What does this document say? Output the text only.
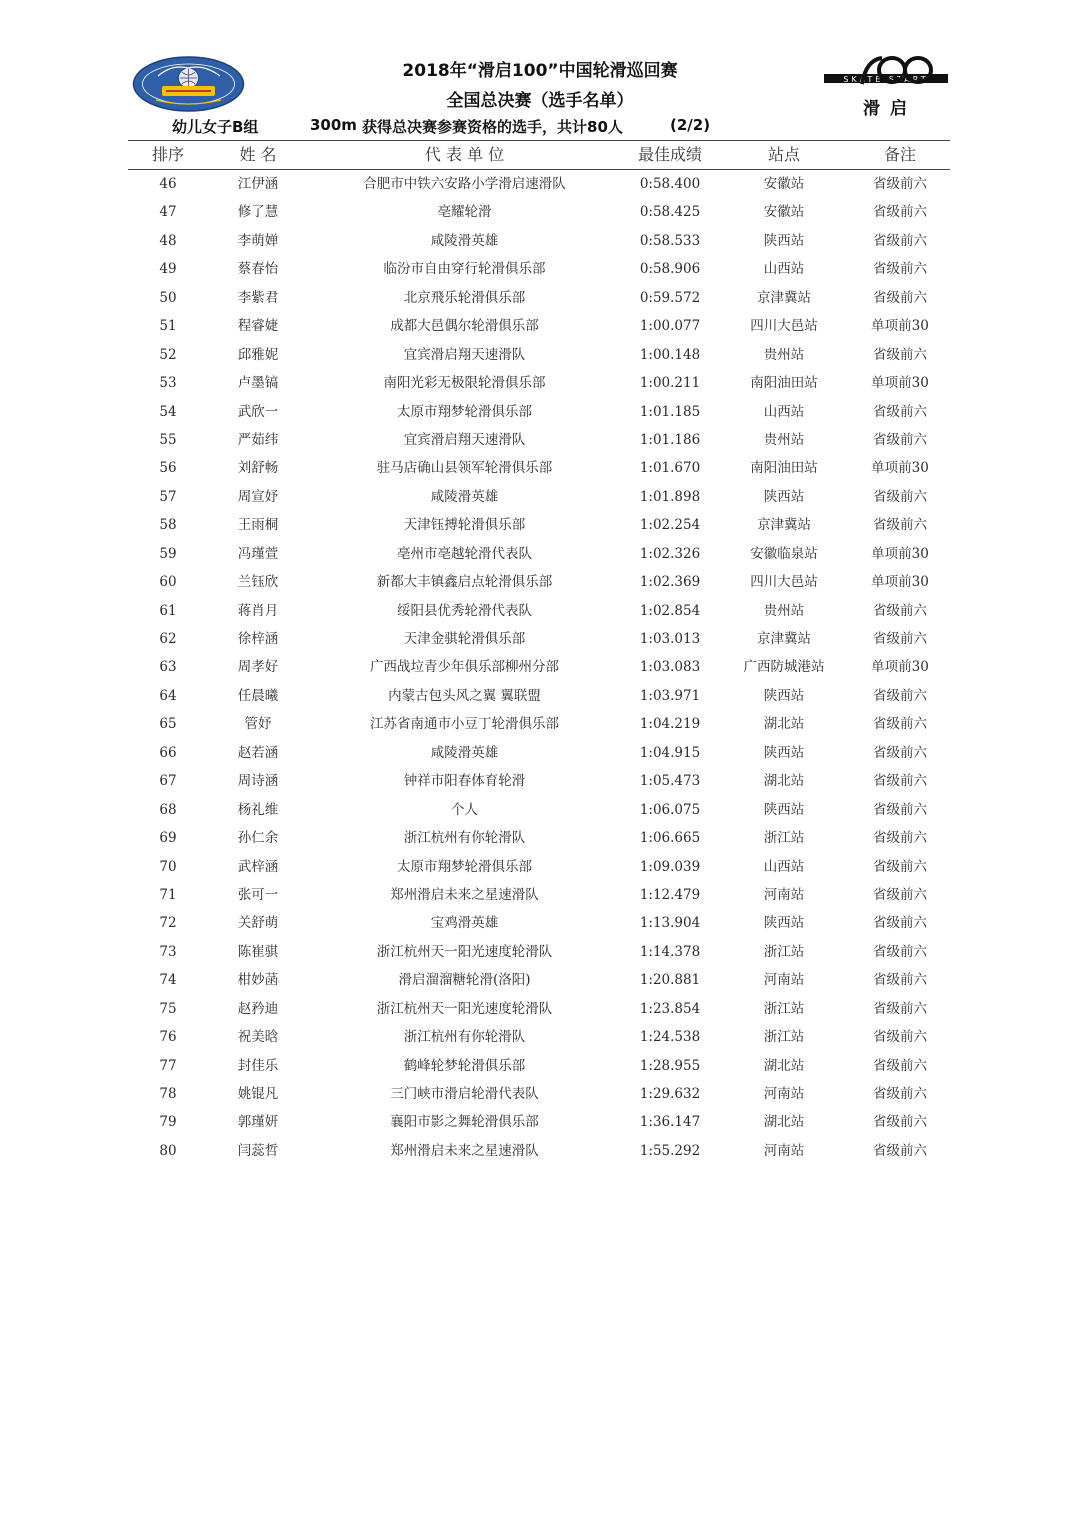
SKATE START
滑 启
2018年“滑启100”中国轮滑巡回赛
全国总决赛（选手名单）
幼儿女子B组	300m 获得总决赛参赛资格的选手，共计80人	(2/2)
排序	姓 名	代 表 单 位	最佳成绩	站点	备注
46	江伊涵	合肥市中铁六安路小学滑启速滑队	0:58.400	安徽站	省级前六
47	修了慧	亳耀轮滑	0:58.425	安徽站	省级前六
48	李萌婵	咸陵滑英雄	0:58.533	陕西站	省级前六
49	蔡春怡	临汾市自由穿行轮滑俱乐部	0:58.906	山西站	省级前六
50	李紫君	北京飛乐轮滑俱乐部	0:59.572	京津冀站	省级前六
51	程睿婕	成都大邑偶尔轮滑俱乐部	1:00.077	四川大邑站	单项前30
52	邱雅妮	宜宾滑启翔天速滑队	1:00.148	贵州站	省级前六
53	卢墨镐	南阳光彩无极限轮滑俱乐部	1:00.211	南阳油田站	单项前30
54	武欣一	太原市翔梦轮滑俱乐部	1:01.185	山西站	省级前六
55	严茹纬	宜宾滑启翔天速滑队	1:01.186	贵州站	省级前六
56	刘舒畅	驻马店确山县领军轮滑俱乐部	1:01.670	南阳油田站	单项前30
57	周宣妤	咸陵滑英雄	1:01.898	陕西站	省级前六
58	王雨桐	天津钰搏轮滑俱乐部	1:02.254	京津冀站	省级前六
59	冯瑾萱	亳州市亳越轮滑代表队	1:02.326	安徽临泉站	单项前30
60	兰钰欣	新都大丰镇鑫启点轮滑俱乐部	1:02.369	四川大邑站	单项前30
61	蒋肖月	绥阳县优秀轮滑代表队	1:02.854	贵州站	省级前六
62	徐梓涵	天津金骐轮滑俱乐部	1:03.013	京津冀站	省级前六
63	周孝好	广西战垃青少年俱乐部柳州分部	1:03.083	广西防城港站	单项前30
64	任晨曦	内蒙古包头风之翼 翼联盟	1:03.971	陕西站	省级前六
65	管妤	江苏省南通市小豆丁轮滑俱乐部	1:04.219	湖北站	省级前六
66	赵若涵	咸陵滑英雄	1:04.915	陕西站	省级前六
67	周诗涵	钟祥市阳春体育轮滑	1:05.473	湖北站	省级前六
68	杨礼维	个人	1:06.075	陕西站	省级前六
69	孙仁余	浙江杭州有你轮滑队	1:06.665	浙江站	省级前六
70	武梓涵	太原市翔梦轮滑俱乐部	1:09.039	山西站	省级前六
71	张可一	郑州滑启未来之星速滑队	1:12.479	河南站	省级前六
72	关舒萌	宝鸡滑英雄	1:13.904	陕西站	省级前六
73	陈崔骐	浙江杭州天一阳光速度轮滑队	1:14.378	浙江站	省级前六
74	柑妙菡	滑启溜溜糖轮滑(洛阳)	1:20.881	河南站	省级前六
75	赵矜迪	浙江杭州天一阳光速度轮滑队	1:23.854	浙江站	省级前六
76	祝美晗	浙江杭州有你轮滑队	1:24.538	浙江站	省级前六
77	封佳乐	鹤峰轮梦轮滑俱乐部	1:28.955	湖北站	省级前六
78	姚锟凡	三门峡市滑启轮滑代表队	1:29.632	河南站	省级前六
79	郭瑾妍	襄阳市影之舞轮滑俱乐部	1:36.147	湖北站	省级前六
80	闫蕊哲	郑州滑启未来之星速滑队	1:55.292	河南站	省级前六
